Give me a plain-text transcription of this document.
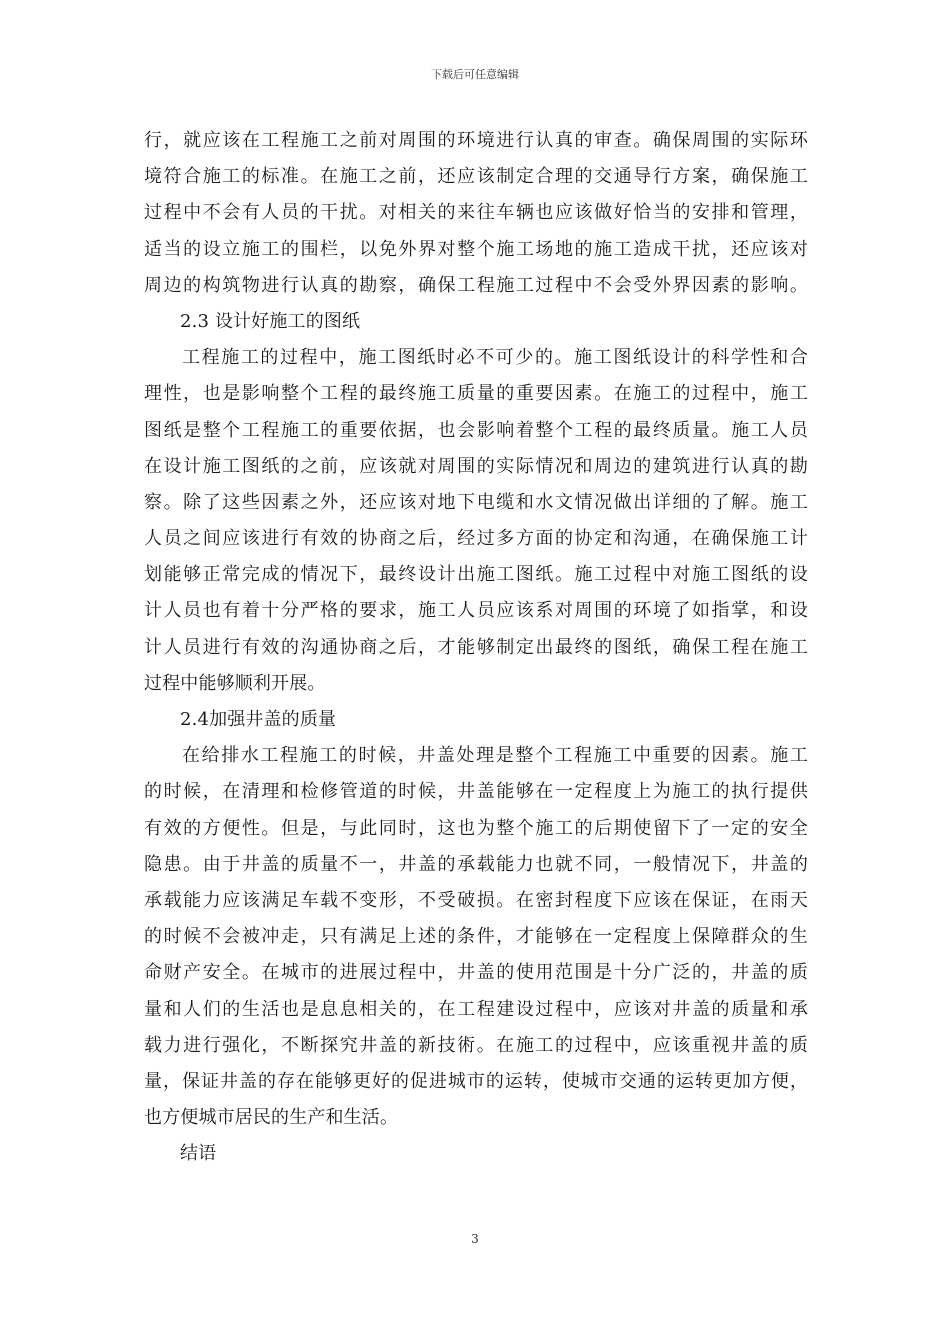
下载后可任意编辑
行，就应该在工程施工之前对周围的环境进行认真的审查。确保周围的实际环
境符合施工的标准。在施工之前，还应该制定合理的交通导行方案，确保施工
过程中不会有人员的干扰。对相关的来往车辆也应该做好恰当的安排和管理，
适当的设立施工的围栏，以免外界对整个施工场地的施工造成干扰，还应该对
周边的构筑物进行认真的勘察，确保工程施工过程中不会受外界因素的影响。
2.3 设计好施工的图纸
工程施工的过程中，施工图纸时必不可少的。施工图纸设计的科学性和合
理性，也是影响整个工程的最终施工质量的重要因素。在施工的过程中，施工
图纸是整个工程施工的重要依据，也会影响着整个工程的最终质量。施工人员
在设计施工图纸的之前，应该就对周围的实际情况和周边的建筑进行认真的勘
察。除了这些因素之外，还应该对地下电缆和水文情况做出详细的了解。施工
人员之间应该进行有效的协商之后，经过多方面的协定和沟通，在确保施工计
划能够正常完成的情况下，最终设计出施工图纸。施工过程中对施工图纸的设
计人员也有着十分严格的要求，施工人员应该系对周围的环境了如指掌，和设
计人员进行有效的沟通协商之后，才能够制定出最终的图纸，确保工程在施工
过程中能够顺利开展。
2.4加强井盖的质量
在给排水工程施工的时候，井盖处理是整个工程施工中重要的因素。施工
的时候，在清理和检修管道的时候，井盖能够在一定程度上为施工的执行提供
有效的方便性。但是，与此同时，这也为整个施工的后期使留下了一定的安全
隐患。由于井盖的质量不一，井盖的承载能力也就不同，一般情况下，井盖的
承载能力应该满足车载不变形，不受破损。在密封程度下应该在保证，在雨天
的时候不会被冲走，只有满足上述的条件，才能够在一定程度上保障群众的生
命财产安全。在城市的进展过程中，井盖的使用范围是十分广泛的，井盖的质
量和人们的生活也是息息相关的，在工程建设过程中，应该对井盖的质量和承
载力进行强化，不断探究井盖的新技術。在施工的过程中，应该重视井盖的质
量，保证井盖的存在能够更好的促进城市的运转，使城市交通的运转更加方便，
也方便城市居民的生产和生活。
结语
3
